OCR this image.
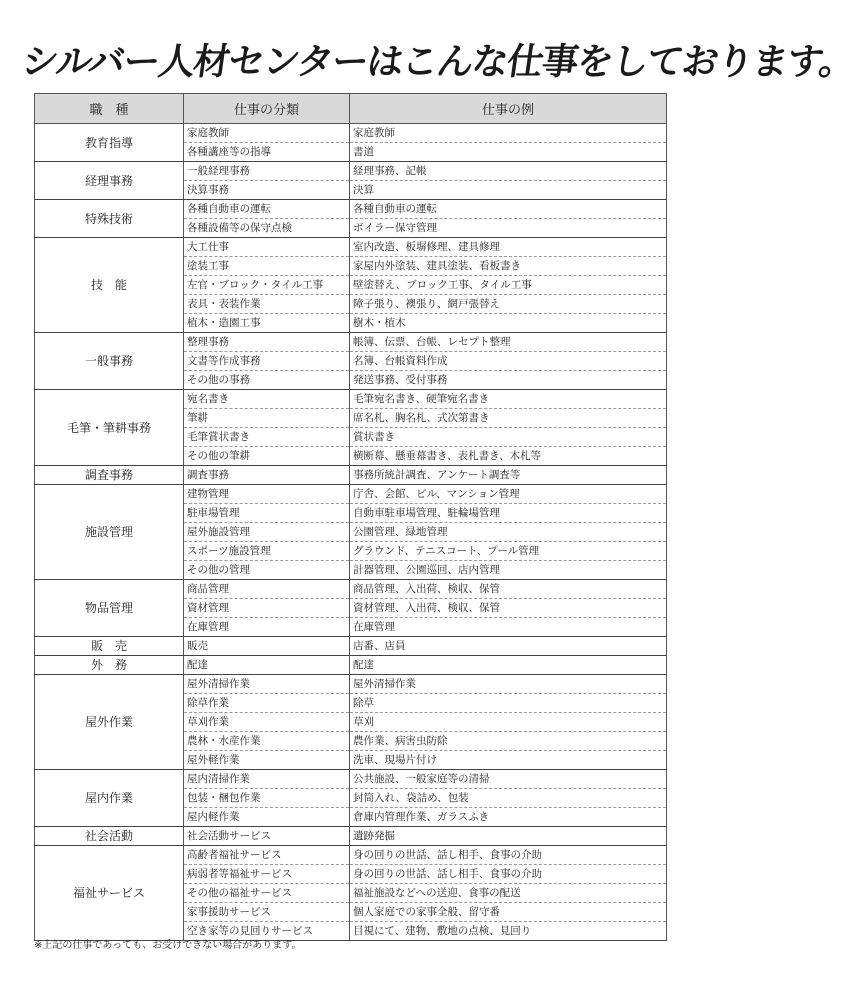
シルバー人材センターはこんな仕事をしております。
職　種	仕事の分類	仕事の例
教育指導	家庭教師	家庭教師
	各種講座等の指導	書道
経理事務	一般経理事務	経理事務、記帳
	決算事務	決算
特殊技術	各種自動車の運転	各種自動車の運転
	各種設備等の保守点検	ボイラー保守管理
技　能	大工仕事	室内改造、板塀修理、建具修理
	塗装工事	家屋内外塗装、建具塗装、看板書き
	左官・ブロック・タイル工事	壁塗替え、ブロック工事、タイル工事
	表具・表装作業	障子張り、襖張り、網戸張替え
	植木・造園工事	樹木・植木
一般事務	整理事務	帳簿、伝票、台帳、レセプト整理
	文書等作成事務	名簿、台帳資料作成
	その他の事務	発送事務、受付事務
毛筆・筆耕事務	宛名書き	毛筆宛名書き、硬筆宛名書き
	筆耕	席名札、胸名札、式次第書き
	毛筆賞状書き	賞状書き
	その他の筆耕	横断幕、懸垂幕書き、表札書き、木札等
調査事務	調査事務	事務所統計調査、アンケート調査等
施設管理	建物管理	庁舎、会館、ビル、マンション管理
	駐車場管理	自動車駐車場管理、駐輪場管理
	屋外施設管理	公園管理、緑地管理
	スポーツ施設管理	グラウンド、テニスコート、プール管理
	その他の管理	計器管理、公園巡回、店内管理
物品管理	商品管理	商品管理、入出荷、検収、保管
	資材管理	資材管理、入出荷、検収、保管
	在庫管理	在庫管理
販　売	販売	店番、店員
外　務	配達	配達
屋外作業	屋外清掃作業	屋外清掃作業
	除草作業	除草
	草刈作業	草刈
	農林・水産作業	農作業、病害虫防除
	屋外軽作業	洗車、現場片付け
屋内作業	屋内清掃作業	公共施設、一般家庭等の清掃
	包装・梱包作業	封筒入れ、袋詰め、包装
	屋内軽作業	倉庫内管理作業、ガラスふき
社会活動	社会活動サービス	遺跡発掘
福祉サービス	高齢者福祉サービス	身の回りの世話、話し相手、食事の介助
	病弱者等福祉サービス	身の回りの世話、話し相手、食事の介助
	その他の福祉サービス	福祉施設などへの送迎、食事の配送
	家事援助サービス	個人家庭での家事全般、留守番
	空き家等の見回りサービス	目視にて、建物、敷地の点検、見回り
※上記の仕事であっても、お受けできない場合があります。
